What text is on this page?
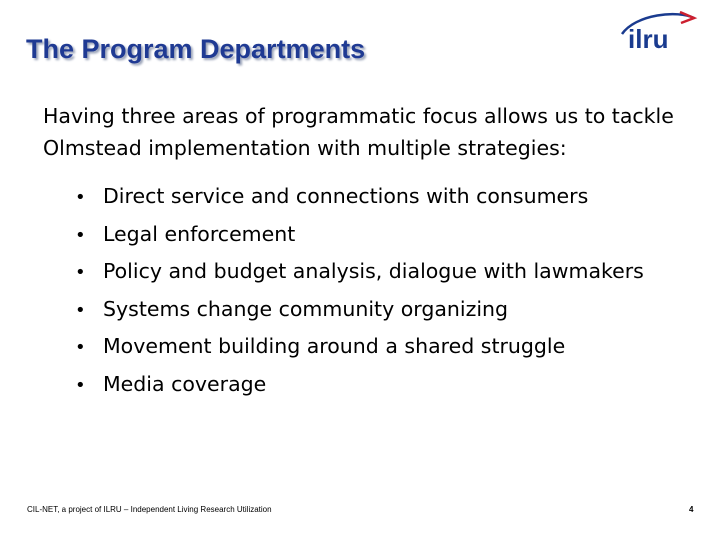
The Program Departments	ilru
Having three areas of programmatic focus allows us to tackle Olmstead implementation with multiple strategies:
• Direct service and connections with consumers
• Legal enforcement
• Policy and budget analysis, dialogue with lawmakers
• Systems change community organizing
• Movement building around a shared struggle
• Media coverage
CIL-NET, a project of ILRU – Independent Living Research Utilization	4
